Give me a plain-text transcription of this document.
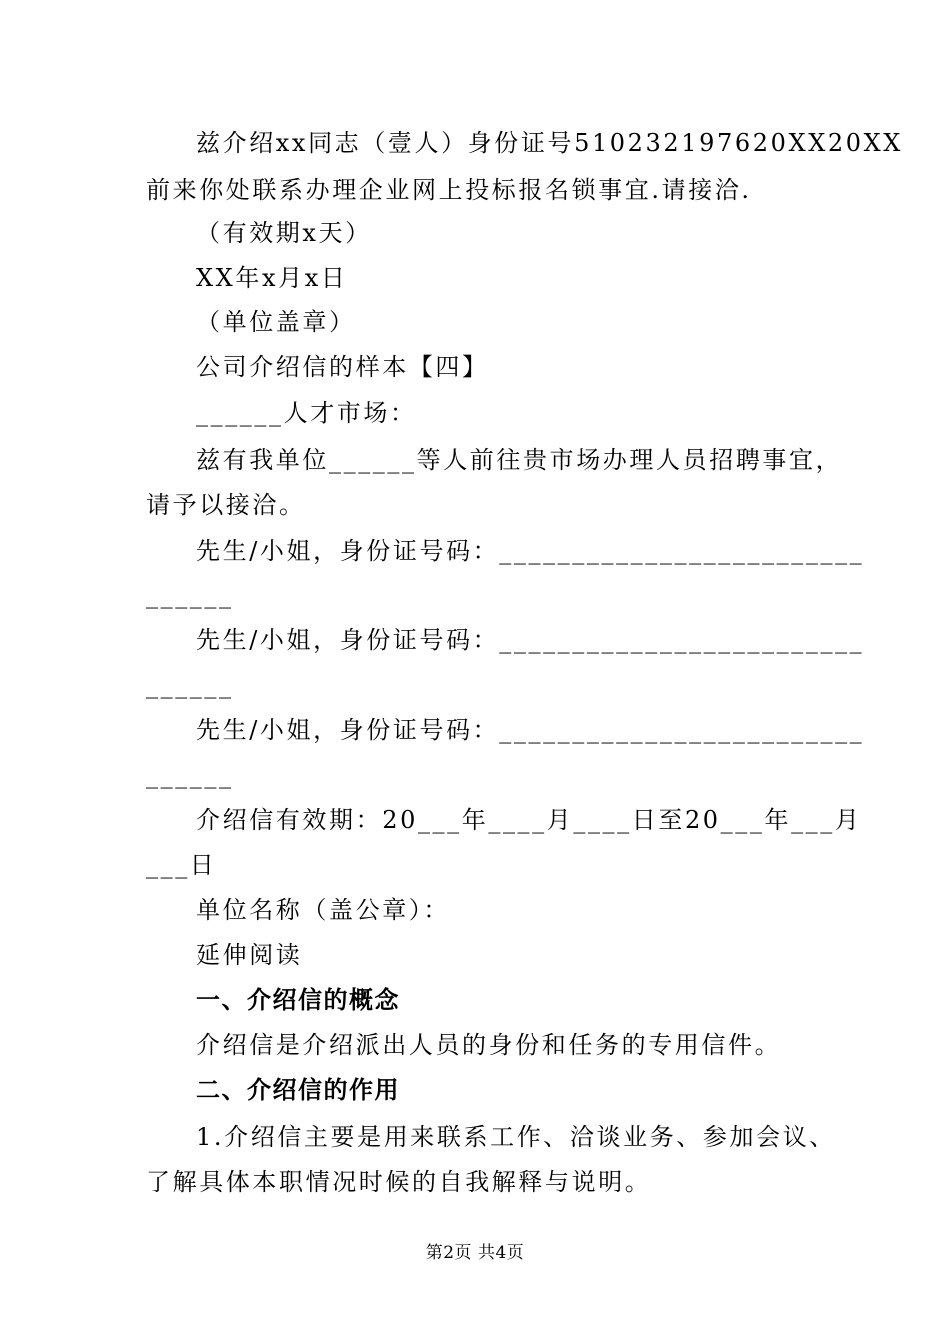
兹介绍xx同志（壹人）身份证号510232197620XX20XX
前来你处联系办理企业网上投标报名锁事宜.请接洽.
（有效期x天）
XX年x月x日
（单位盖章）
公司介绍信的样本【四】
______人才市场：
兹有我单位______等人前往贵市场办理人员招聘事宜，
请予以接洽。
先生/小姐，身份证号码：_________________________
______
先生/小姐，身份证号码：_________________________
______
先生/小姐，身份证号码：_________________________
______
介绍信有效期：20___年____月____日至20___年___月
___日
单位名称（盖公章）：
延伸阅读
一、介绍信的概念
介绍信是介绍派出人员的身份和任务的专用信件。
二、介绍信的作用
1.介绍信主要是用来联系工作、洽谈业务、参加会议、
了解具体本职情况时候的自我解释与说明。
第2页 共4页
